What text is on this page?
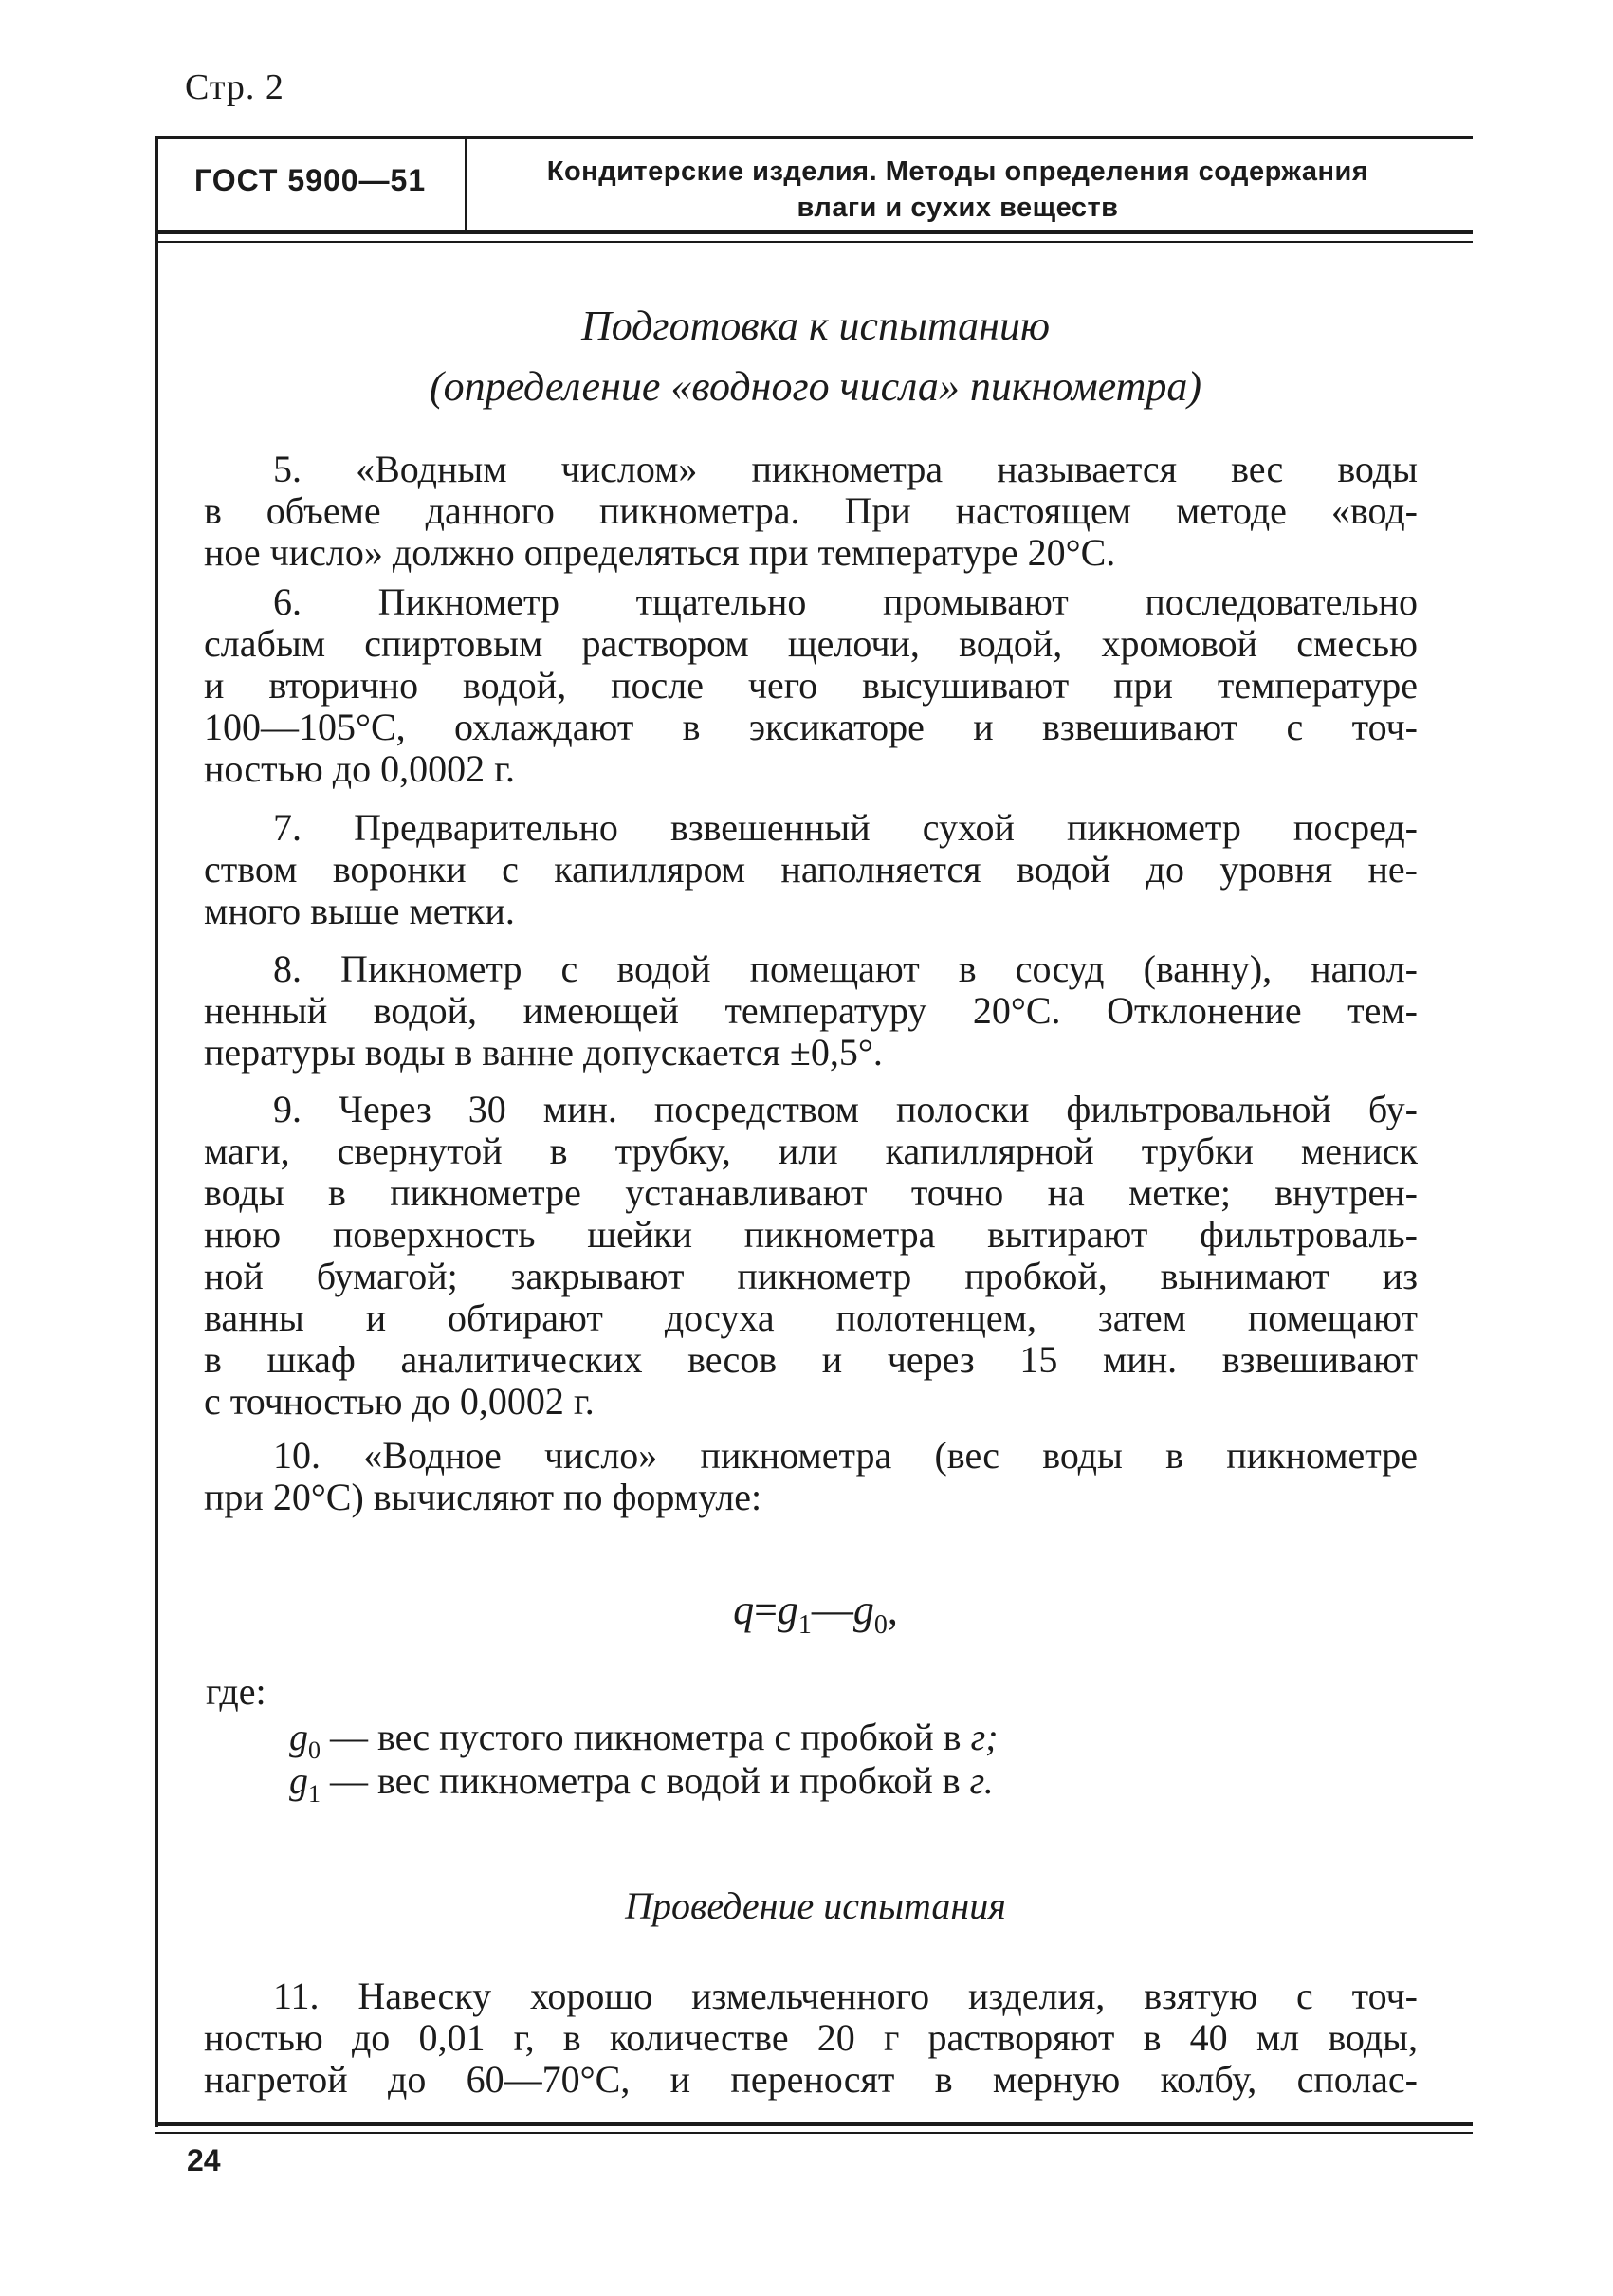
Стр. 2
ГОСТ 5900—51	Кондитерские изделия. Методы определения содержания
влаги и сухих веществ
Подготовка к испытанию
(определение «водного числа» пикнометра)
5. «Водным числом» пикнометра называется вес воды
в объеме данного пикнометра. При настоящем методе «вод-
ное число» должно определяться при температуре 20°С.
6. Пикнометр тщательно промывают последовательно
слабым спиртовым раствором щелочи, водой, хромовой смесью
и вторично водой, после чего высушивают при температуре
100—105°С, охлаждают в эксикаторе и взвешивают с точ-
ностью до 0,0002 г.
7. Предварительно взвешенный сухой пикнометр посред-
ством воронки с капилляром наполняется водой до уровня не-
много выше метки.
8. Пикнометр с водой помещают в сосуд (ванну), напол-
ненный водой, имеющей температуру 20°С. Отклонение тем-
пературы воды в ванне допускается ±0,5°.
9. Через 30 мин. посредством полоски фильтровальной бу-
маги, свернутой в трубку, или капиллярной трубки мениск
воды в пикнометре устанавливают точно на метке; внутрен-
нюю поверхность шейки пикнометра вытирают фильтроваль-
ной бумагой; закрывают пикнометр пробкой, вынимают из
ванны и обтирают досуха полотенцем, затем помещают
в шкаф аналитических весов и через 15 мин. взвешивают
с точностью до 0,0002 г.
10. «Водное число» пикнометра (вес воды в пикнометре
при 20°С) вычисляют по формуле:
$q=g_1—g_0$,
где:
$g_0$ — вес пустого пикнометра с пробкой в г;
$g_1$ — вес пикнометра с водой и пробкой в г.
Проведение испытания
11. Навеску хорошо измельченного изделия, взятую с точ-
ностью до 0,01 г, в количестве 20 г растворяют в 40 мл воды,
нагретой до 60—70°С, и переносят в мерную колбу, сполас-
24
